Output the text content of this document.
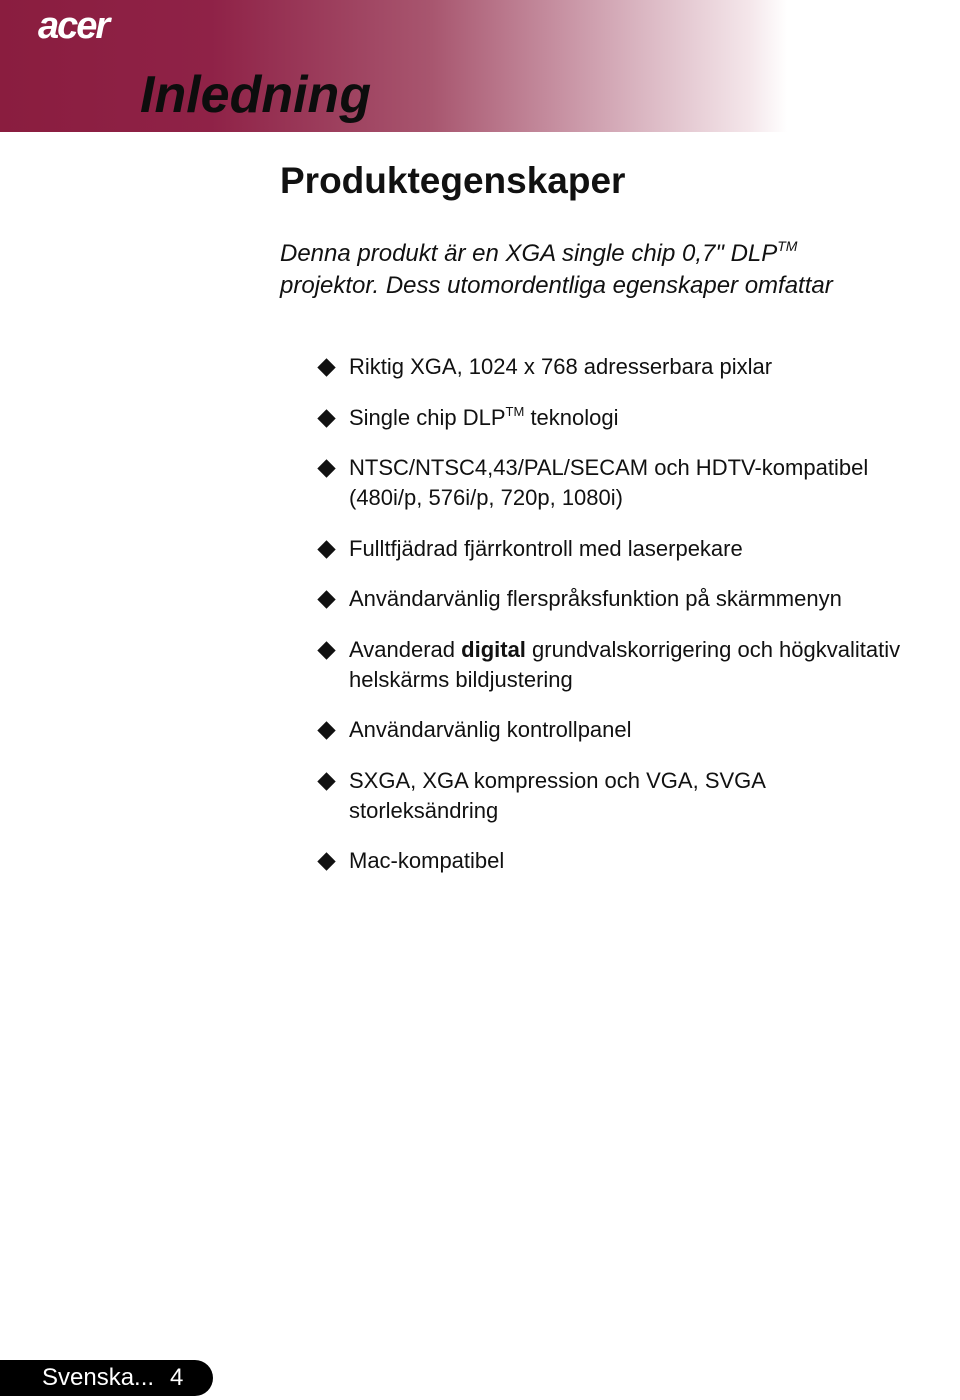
acer
Inledning
Produktegenskaper

Denna produkt är en XGA single chip 0,7" DLP™
projektor. Dess utomordentliga egenskaper omfattar

Riktig XGA, 1024 x 768 adresserbara pixlar
Single chip DLP™ teknologi
NTSC/NTSC4,43/PAL/SECAM och HDTV-kompatibel
(480i/p, 576i/p, 720p, 1080i)
Fulltfjädrad fjärrkontroll med laserpekare
Användarvänlig flerspråksfunktion på skärmmenyn
Avanderad digital grundvalskorrigering och högkvalitativ
helskärms bildjustering
Användarvänlig kontrollpanel
SXGA, XGA kompression och VGA, SVGA
storleksändring
Mac-kompatibel
Svenska... 4
